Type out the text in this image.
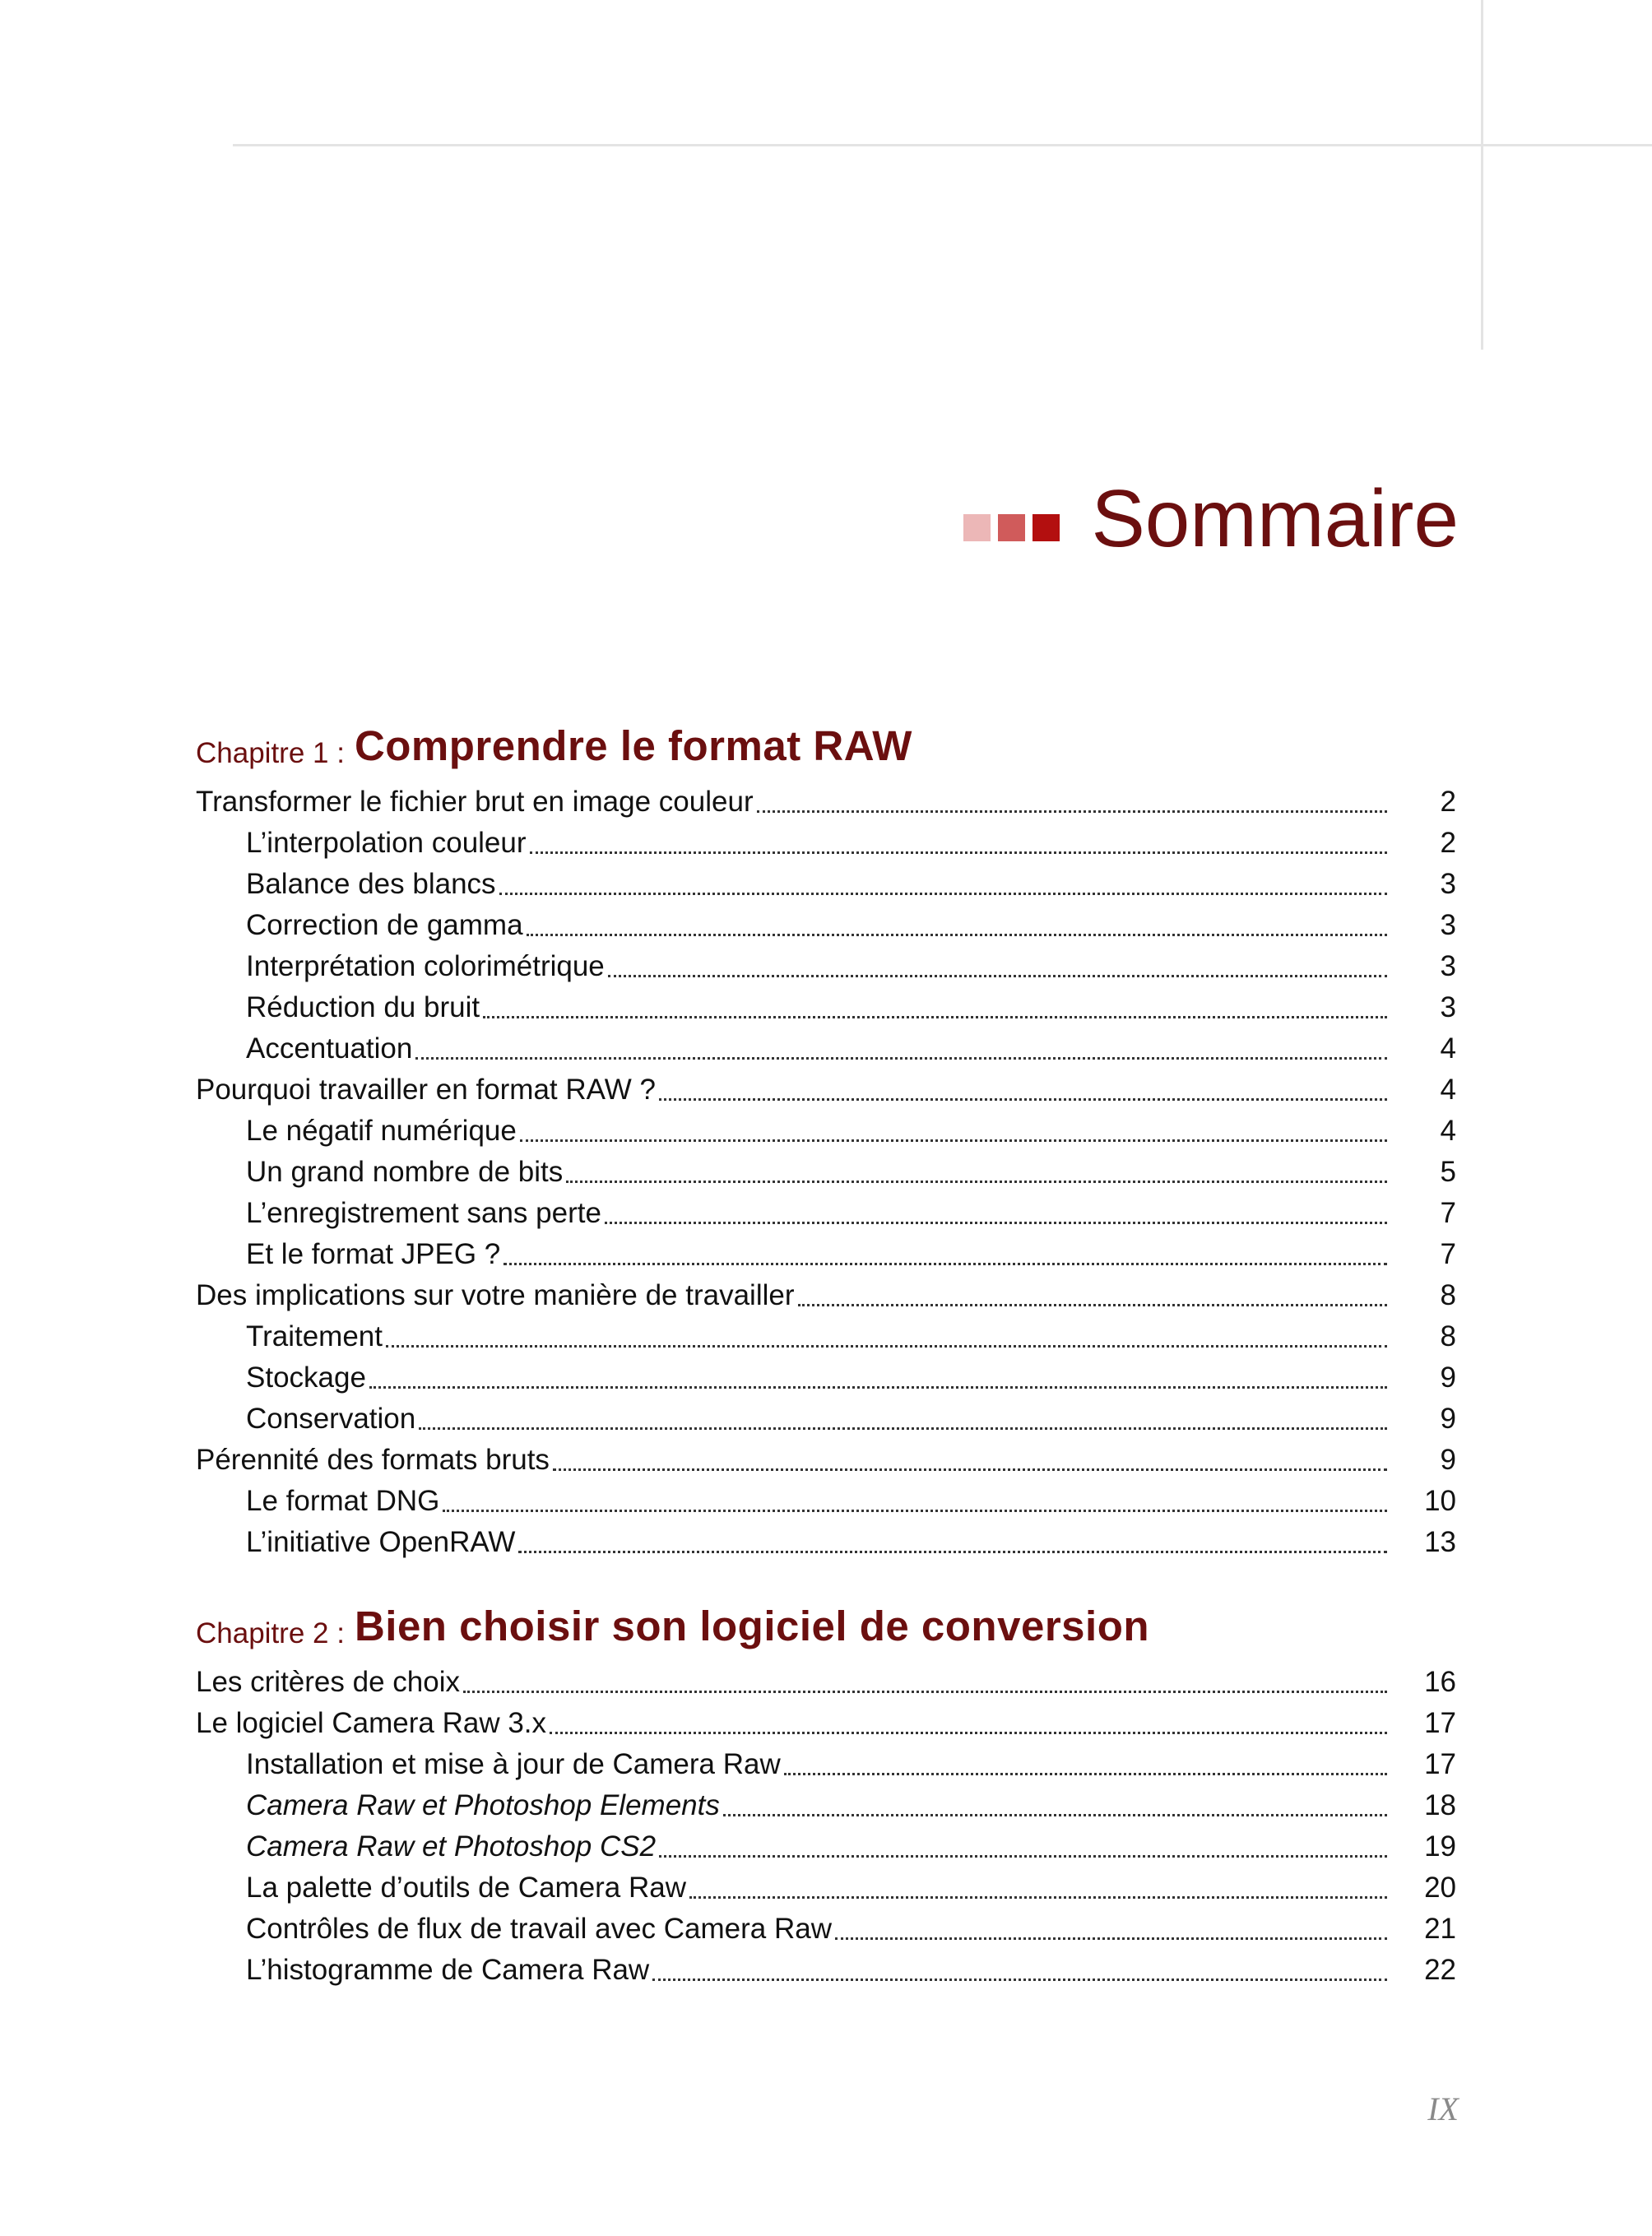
Sommaire
Chapitre 1 : Comprendre le format RAW
Transformer le fichier brut en image couleur	2
L’interpolation couleur	2
Balance des blancs	3
Correction de gamma	3
Interprétation colorimétrique	3
Réduction du bruit	3
Accentuation	4
Pourquoi travailler en format RAW ?	4
Le négatif numérique	4
Un grand nombre de bits	5
L’enregistrement sans perte	7
Et le format JPEG ?	7
Des implications sur votre manière de travailler	8
Traitement	8
Stockage	9
Conservation	9
Pérennité des formats bruts	9
Le format DNG	10
L’initiative OpenRAW	13
Chapitre 2 : Bien choisir son logiciel de conversion
Les critères de choix	16
Le logiciel Camera Raw 3.x	17
Installation et mise à jour de Camera Raw	17
Camera Raw et Photoshop Elements	18
Camera Raw et Photoshop CS2	19
La palette d’outils de Camera Raw	20
Contrôles de flux de travail avec Camera Raw	21
L’histogramme de Camera Raw	22
IX
